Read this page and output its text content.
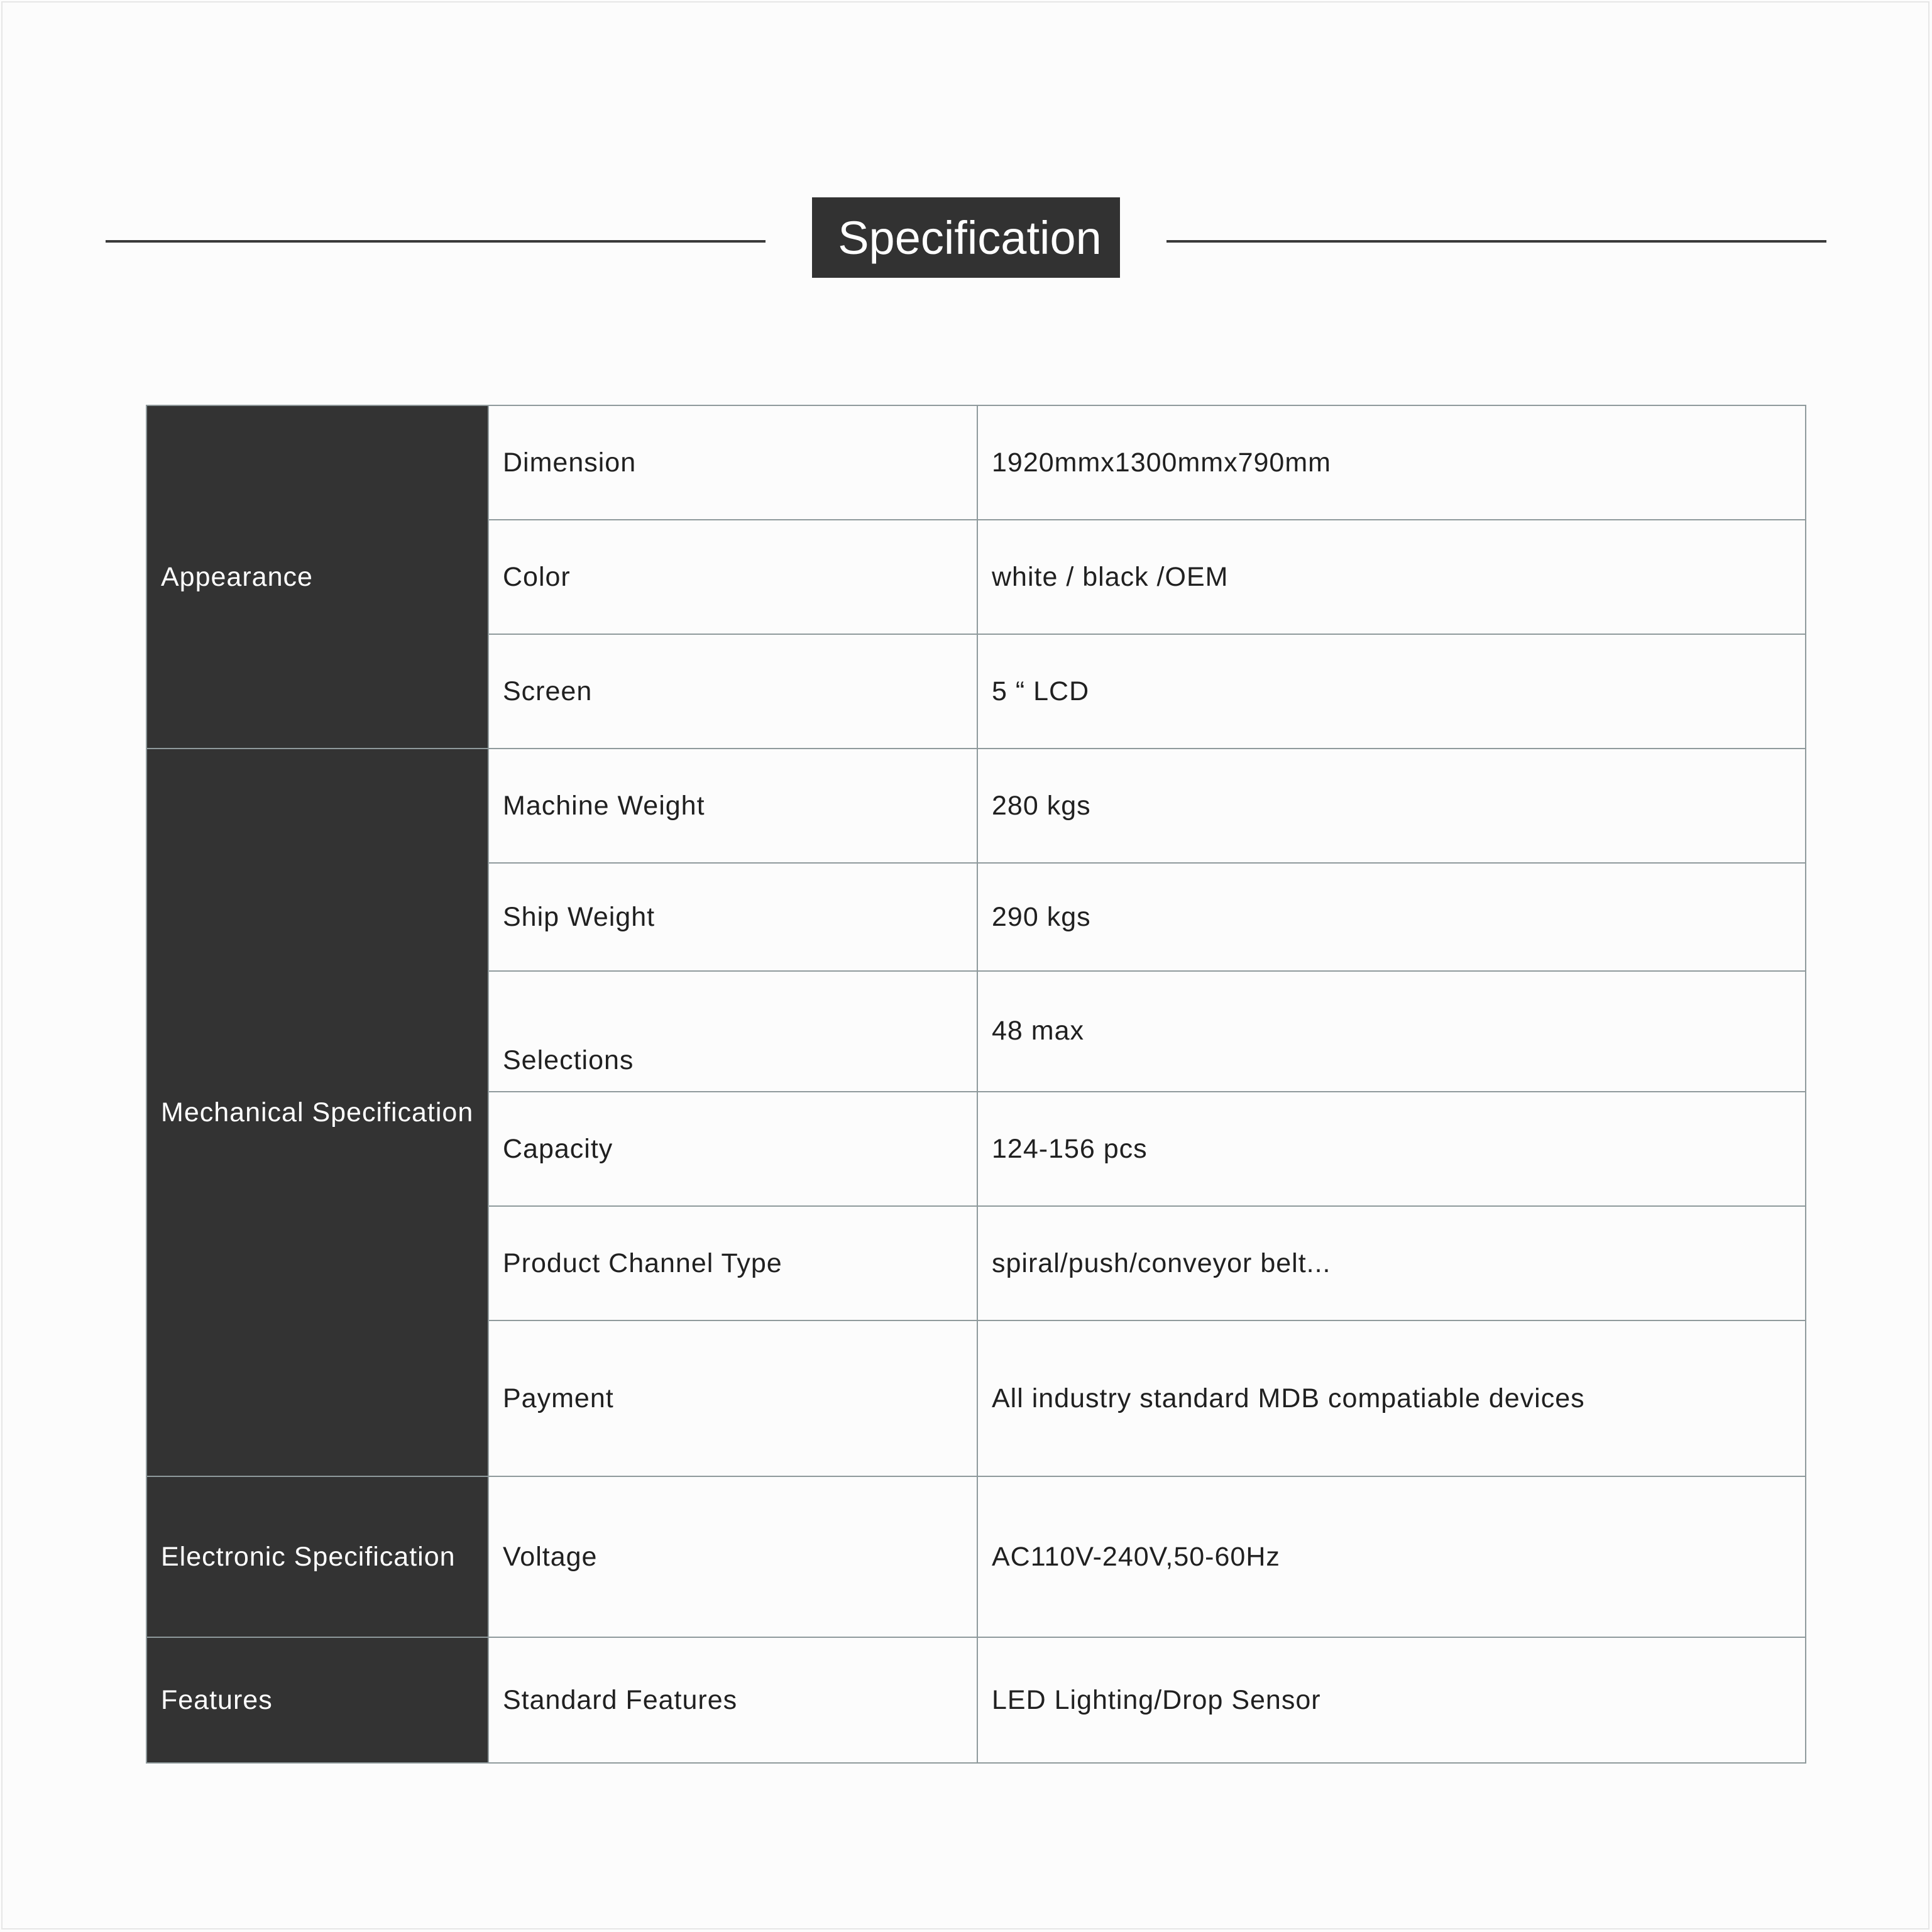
Specification
Appearance	Dimension	1920mmx1300mmx790mm
	Color	white / black /OEM
	Screen	5 “ LCD
Mechanical Specification	Machine Weight	280 kgs
	Ship Weight	290 kgs
	Selections	48 max
	Capacity	124-156 pcs
	Product Channel Type	spiral/push/conveyor belt...
	Payment	All industry standard MDB compatiable devices
Electronic Specification	Voltage	AC110V-240V,50-60Hz
Features	Standard Features	LED Lighting/Drop Sensor
